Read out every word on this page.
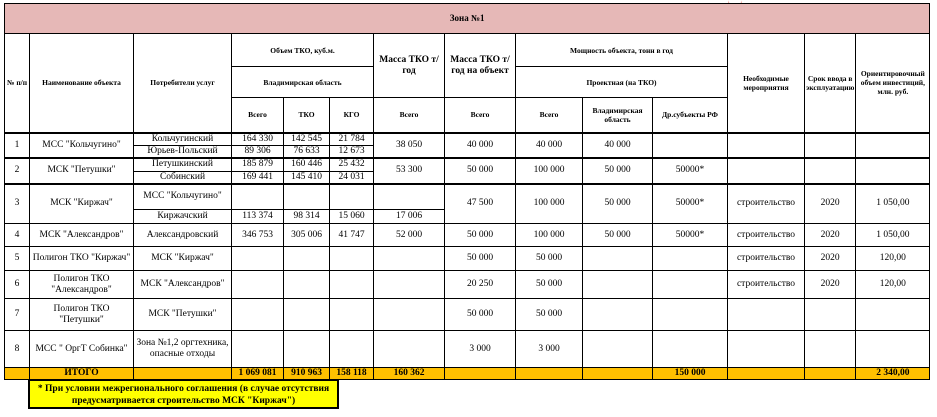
Зона №1													
№ п/п	Наименование объекта	Потребители услуг	Объем ТКО, куб.м.			Масса ТКО т/год	Масса ТКО т/год на объект	Мощность объекта, тонн в год			Необходимые мероприятия	Срок ввода в эксплуатацию	Ориентировочный объем инвестиций, млн. руб.
			Владимирская область					Проектная (на ТКО)					
			Всего	ТКО	КГО	Всего	Всего	Всего	Владимирская область	Др.субъекты РФ			
1	МСС "Кольчугино"	Кольчугинский	164 330	142 545	21 784	38 050	40 000	40 000	40 000				
		Юрьев-Польский	89 306	76 633	12 673								
2	МСК "Петушки"	Петушкинский	185 879	160 446	25 432	53 300	50 000	100 000	50 000	50000*			
		Собинский	169 441	145 410	24 031								
3	МСК "Киржач"	МСС "Кольчугино"					47 500	100 000	50 000	50000*	строительство	2020	1 050,00
		Киржачский	113 374	98 314	15 060	17 006							
4	МСК "Александров"	Александровский	346 753	305 006	41 747	52 000	50 000	100 000	50 000	50000*	строительство	2020	1 050,00
5	Полигон ТКО "Киржач"	МСК "Киржач"					50 000	50 000			строительство	2020	120,00
6	Полигон ТКО "Александров"	МСК "Александров"					20 250	50 000			строительство	2020	120,00
7	Полигон ТКО "Петушки"	МСК "Петушки"					50 000	50 000					
8	МСС " ОргТ Собинка"	Зона №1,2 оргтехника, опасные отходы					3 000	3 000					
	ИТОГО		1 069 081	910 963	158 118	160 362				150 000			2 340,00
* При условии межрегионального соглашения (в случае отсутствия предусматривается строительство МСК "Киржач")
